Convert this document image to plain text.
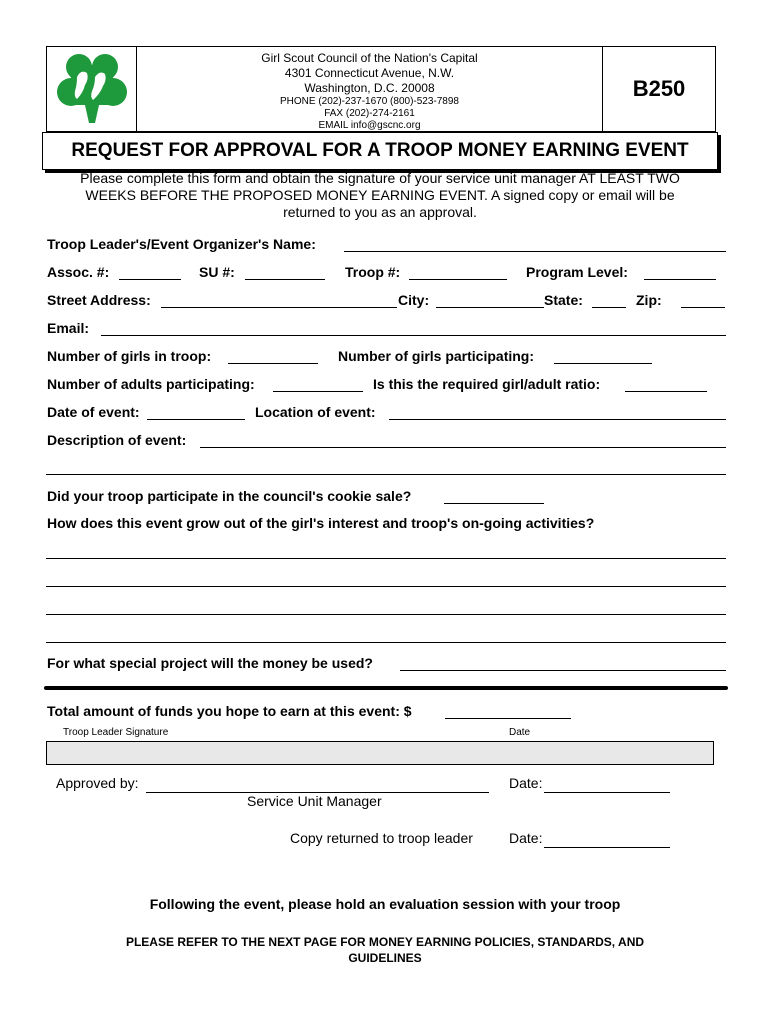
Girl Scout Council of the Nation's Capital
4301 Connecticut Avenue, N.W.
Washington, D.C. 20008
PHONE (202)-237-1670 (800)-523-7898
FAX (202)-274-2161
EMAIL info@gscnc.org
B250
REQUEST FOR APPROVAL FOR A TROOP MONEY EARNING EVENT
Please complete this form and obtain the signature of your service unit manager AT LEAST TWO
WEEKS BEFORE THE PROPOSED MONEY EARNING EVENT. A signed copy or email will be
returned to you as an approval.
Troop Leader's/Event Organizer's Name:
Assoc. #:	SU #:	Troop #:	Program Level:
Street Address:	City:	State:	Zip:
Email:
Number of girls in troop:	Number of girls participating:
Number of adults participating:	Is this the required girl/adult ratio:
Date of event:	Location of event:
Description of event:
Did your troop participate in the council's cookie sale?
How does this event grow out of the girl's interest and troop's on-going activities?
For what special project will the money be used?
Total amount of funds you hope to earn at this event: $
Troop Leader Signature	Date
Approved by:	Date:
Service Unit Manager
Copy returned to troop leader	Date:
Following the event, please hold an evaluation session with your troop
PLEASE REFER TO THE NEXT PAGE FOR MONEY EARNING POLICIES, STANDARDS, AND
GUIDELINES
